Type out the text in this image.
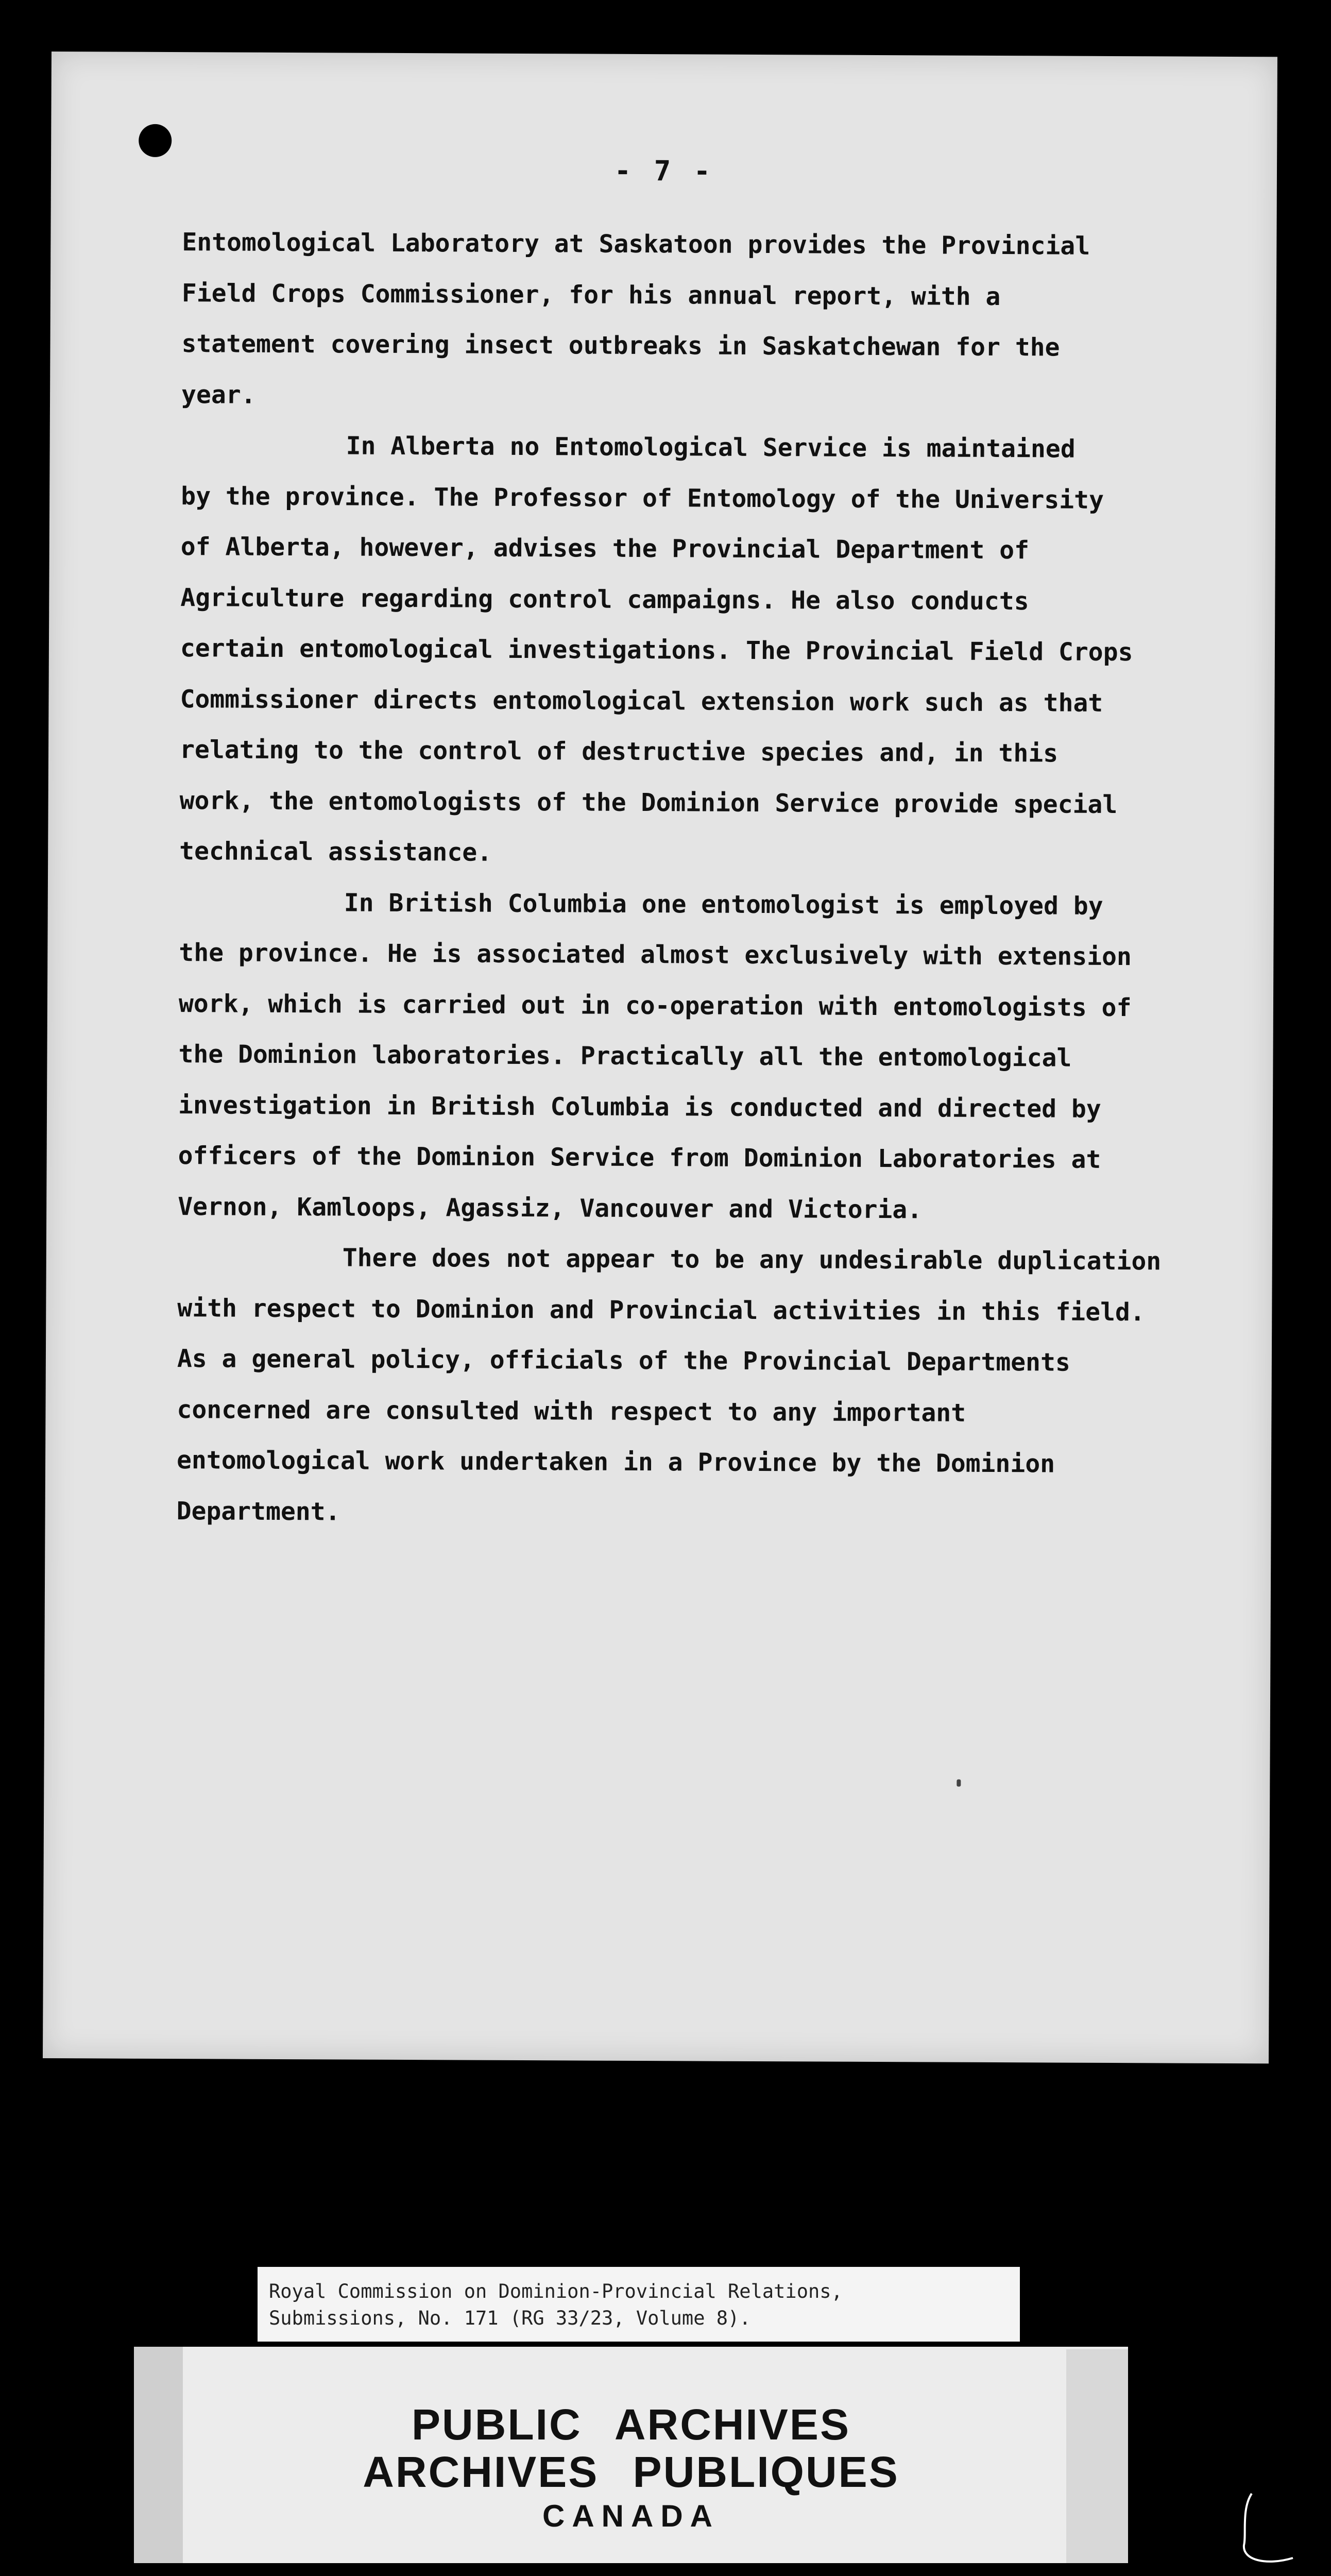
- 7 -

Entomological Laboratory at Saskatoon provides the Provincial
Field Crops Commissioner, for his annual report, with a
statement covering insect outbreaks in Saskatchewan for the
year.

In Alberta no Entomological Service is maintained
by the province. The Professor of Entomology of the University
of Alberta, however, advises the Provincial Department of
Agriculture regarding control campaigns. He also conducts
certain entomological investigations. The Provincial Field Crops
Commissioner directs entomological extension work such as that
relating to the control of destructive species and, in this
work, the entomologists of the Dominion Service provide special
technical assistance.

In British Columbia one entomologist is employed by
the province. He is associated almost exclusively with extension
work, which is carried out in co-operation with entomologists of
the Dominion laboratories. Practically all the entomological
investigation in British Columbia is conducted and directed by
officers of the Dominion Service from Dominion Laboratories at
Vernon, Kamloops, Agassiz, Vancouver and Victoria.

There does not appear to be any undesirable duplication
with respect to Dominion and Provincial activities in this field.
As a general policy, officials of the Provincial Departments
concerned are consulted with respect to any important
entomological work undertaken in a Province by the Dominion
Department.

Royal Commission on Dominion-Provincial Relations,
Submissions, No. 171 (RG 33/23, Volume 8).
PUBLIC ARCHIVES
ARCHIVES PUBLIQUES
CANADA
